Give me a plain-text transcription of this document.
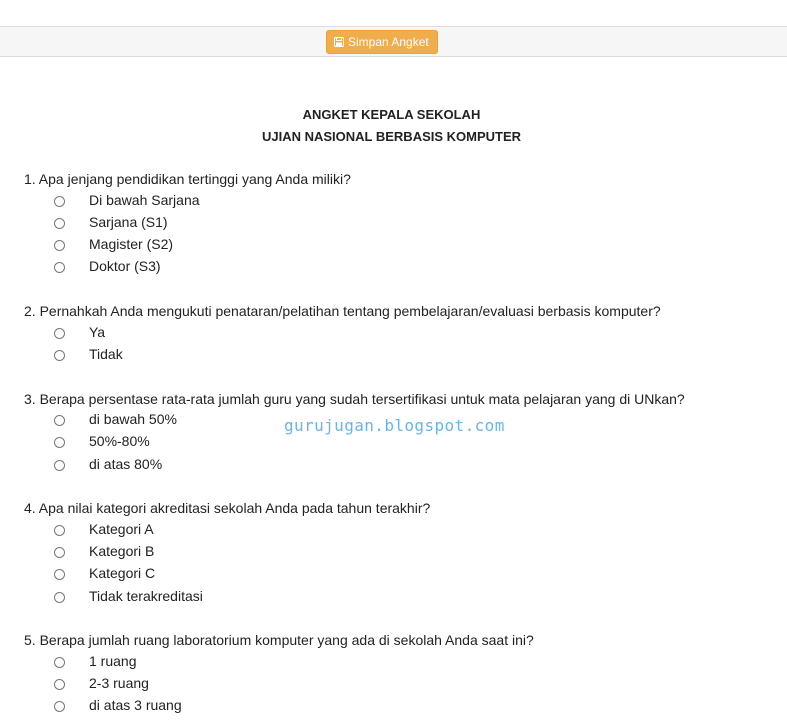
Simpan Angket
ANGKET KEPALA SEKOLAH
UJIAN NASIONAL BERBASIS KOMPUTER
gurujugan.blogspot.com
1. Apa jenjang pendidikan tertinggi yang Anda miliki?
Di bawah Sarjana
Sarjana (S1)
Magister (S2)
Doktor (S3)
2. Pernahkah Anda mengukuti penataran/pelatihan tentang pembelajaran/evaluasi berbasis komputer?
Ya
Tidak
3. Berapa persentase rata-rata jumlah guru yang sudah tersertifikasi untuk mata pelajaran yang di UNkan?
di bawah 50%
50%-80%
di atas 80%
4. Apa nilai kategori akreditasi sekolah Anda pada tahun terakhir?
Kategori A
Kategori B
Kategori C
Tidak terakreditasi
5. Berapa jumlah ruang laboratorium komputer yang ada di sekolah Anda saat ini?
1 ruang
2-3 ruang
di atas 3 ruang
